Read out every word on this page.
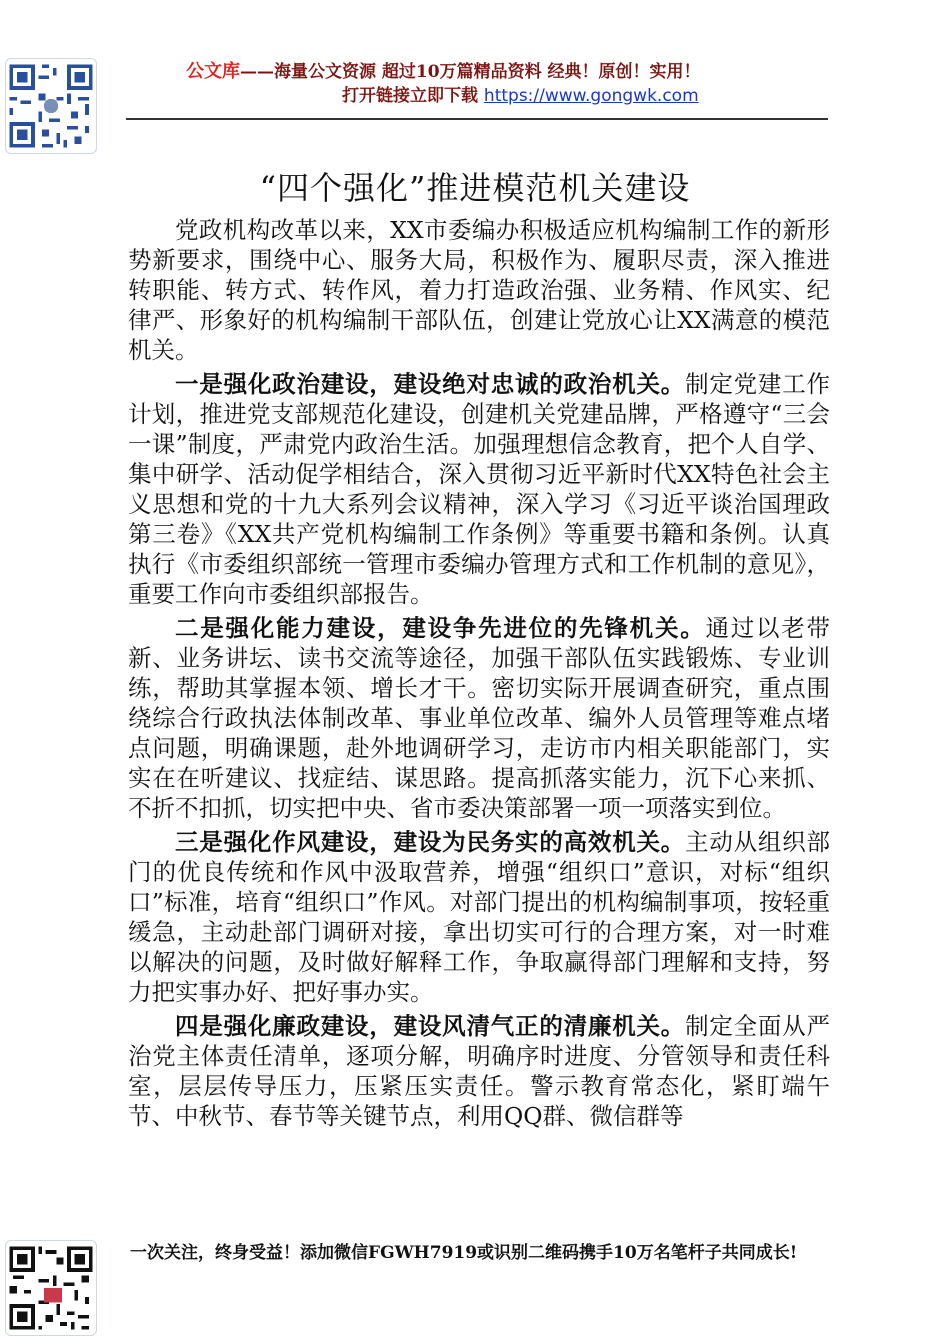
公文库——海量公文资源 超过10万篇精品资料 经典！原创！实用！
打开链接立即下载 https://www.gongwk.com
“四个强化”推进模范机关建设

党政机构改革以来，XX市委编办积极适应机构编制工作的新形势新要求，围绕中心、服务大局，积极作为、履职尽责，深入推进转职能、转方式、转作风，着力打造政治强、业务精、作风实、纪律严、形象好的机构编制干部队伍，创建让党放心让XX满意的模范机关。

一是强化政治建设，建设绝对忠诚的政治机关。制定党建工作计划，推进党支部规范化建设，创建机关党建品牌，严格遵守“三会一课”制度，严肃党内政治生活。加强理想信念教育，把个人自学、集中研学、活动促学相结合，深入贯彻习近平新时代XX特色社会主义思想和党的十九大系列会议精神，深入学习《习近平谈治国理政第三卷》《XX共产党机构编制工作条例》等重要书籍和条例。认真执行《市委组织部统一管理市委编办管理方式和工作机制的意见》，重要工作向市委组织部报告。

二是强化能力建设，建设争先进位的先锋机关。通过以老带新、业务讲坛、读书交流等途径，加强干部队伍实践锻炼、专业训练，帮助其掌握本领、增长才干。密切实际开展调查研究，重点围绕综合行政执法体制改革、事业单位改革、编外人员管理等难点堵点问题，明确课题，赴外地调研学习，走访市内相关职能部门，实实在在听建议、找症结、谋思路。提高抓落实能力，沉下心来抓、不折不扣抓，切实把中央、省市委决策部署一项一项落实到位。

三是强化作风建设，建设为民务实的高效机关。主动从组织部门的优良传统和作风中汲取营养，增强“组织口”意识，对标“组织口”标准，培育“组织口”作风。对部门提出的机构编制事项，按轻重缓急，主动赴部门调研对接，拿出切实可行的合理方案，对一时难以解决的问题，及时做好解释工作，争取赢得部门理解和支持，努力把实事办好、把好事办实。

四是强化廉政建设，建设风清气正的清廉机关。制定全面从严治党主体责任清单，逐项分解，明确序时进度、分管领导和责任科室，层层传导压力，压紧压实责任。警示教育常态化，紧盯端午节、中秋节、春节等关键节点，利用QQ群、微信群等

一次关注，终身受益！添加微信FGWH7919或识别二维码携手10万名笔杆子共同成长!
